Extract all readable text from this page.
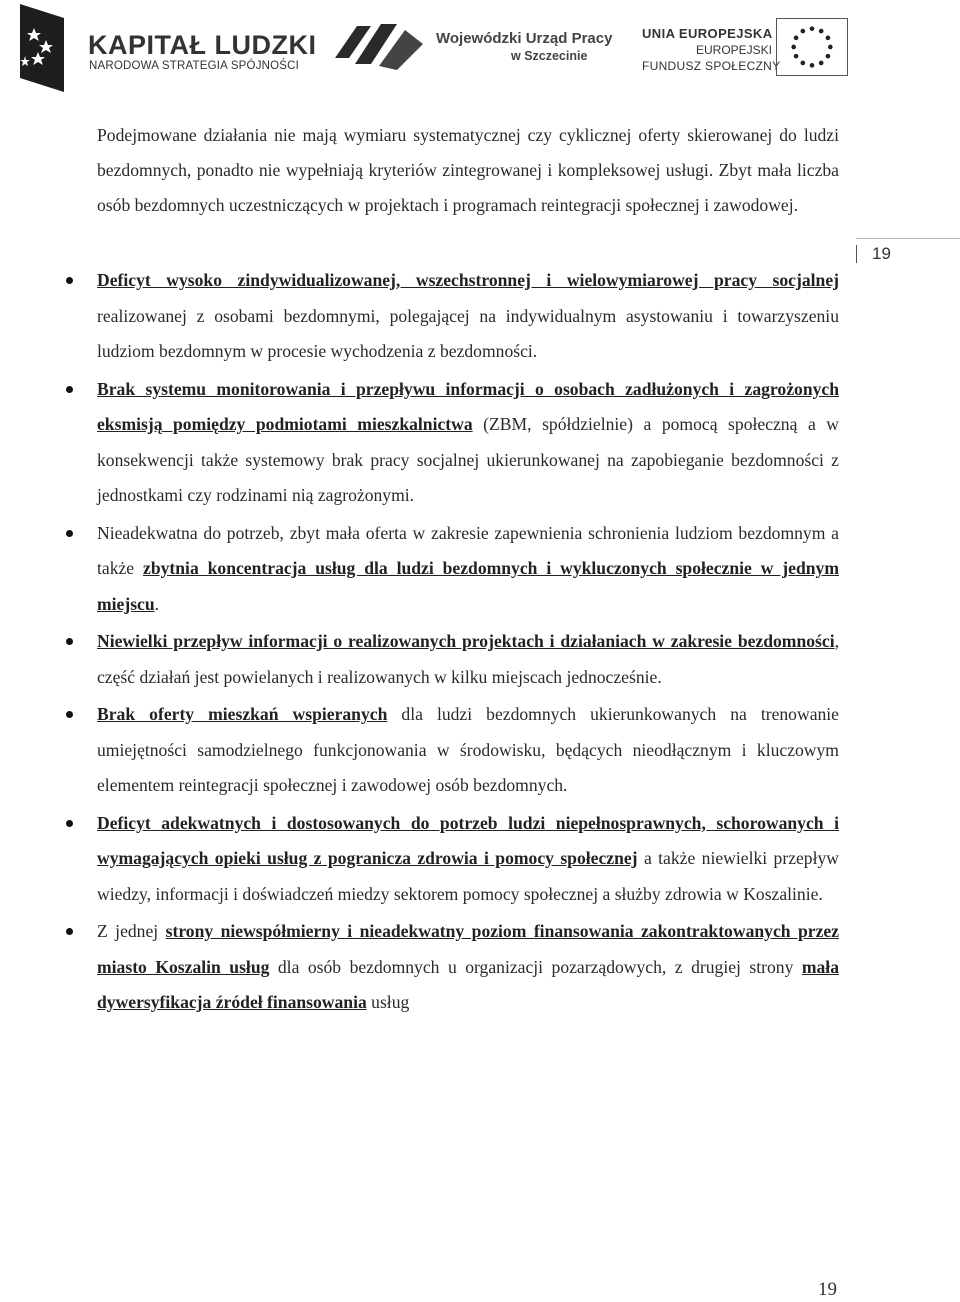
KAPITAŁ LUDZKI
NARODOWA STRATEGIA SPÓJNOŚCI
Wojewódzki Urząd Pracy
w Szczecinie
UNIA EUROPEJSKA
EUROPEJSKI
FUNDUSZ SPOŁECZNY
19
Podejmowane działania nie mają wymiaru systematycznej czy cyklicznej oferty skierowanej do ludzi bezdomnych, ponadto nie wypełniają kryteriów zintegrowanej i kompleksowej usługi. Zbyt mała liczba osób bezdomnych uczestniczących w projektach i programach reintegracji społecznej i zawodowej.
Deficyt wysoko zindywidualizowanej, wszechstronnej i wielowymiarowej pracy socjalnej realizowanej z osobami bezdomnymi, polegającej na indywidualnym asystowaniu i towarzyszeniu ludziom bezdomnym w procesie wychodzenia z bezdomności.
Brak systemu monitorowania i przepływu informacji o osobach zadłużonych i zagrożonych eksmisją pomiędzy podmiotami mieszkalnictwa (ZBM, spółdzielnie) a pomocą społeczną a w konsekwencji także systemowy brak pracy socjalnej ukierunkowanej na zapobieganie bezdomności z jednostkami czy rodzinami nią zagrożonymi.
Nieadekwatna do potrzeb, zbyt mała oferta w zakresie zapewnienia schronienia ludziom bezdomnym a także zbytnia koncentracja usług dla ludzi bezdomnych i wykluczonych społecznie w jednym miejscu.
Niewielki przepływ informacji o realizowanych projektach i działaniach w zakresie bezdomności, część działań jest powielanych i realizowanych w kilku miejscach jednocześnie.
Brak oferty mieszkań wspieranych dla ludzi bezdomnych ukierunkowanych na trenowanie umiejętności samodzielnego funkcjonowania w środowisku, będących nieodłącznym i kluczowym elementem reintegracji społecznej i zawodowej osób bezdomnych.
Deficyt adekwatnych i dostosowanych do potrzeb ludzi niepełnosprawnych, schorowanych i wymagających opieki usług z pogranicza zdrowia i pomocy społecznej a także niewielki przepływ wiedzy, informacji i doświadczeń miedzy sektorem pomocy społecznej a służby zdrowia w Koszalinie.
Z jednej strony niewspółmierny i nieadekwatny poziom finansowania zakontraktowanych przez miasto Koszalin usług dla osób bezdomnych u organizacji pozarządowych, z drugiej strony mała dywersyfikacja źródeł finansowania usług
19
